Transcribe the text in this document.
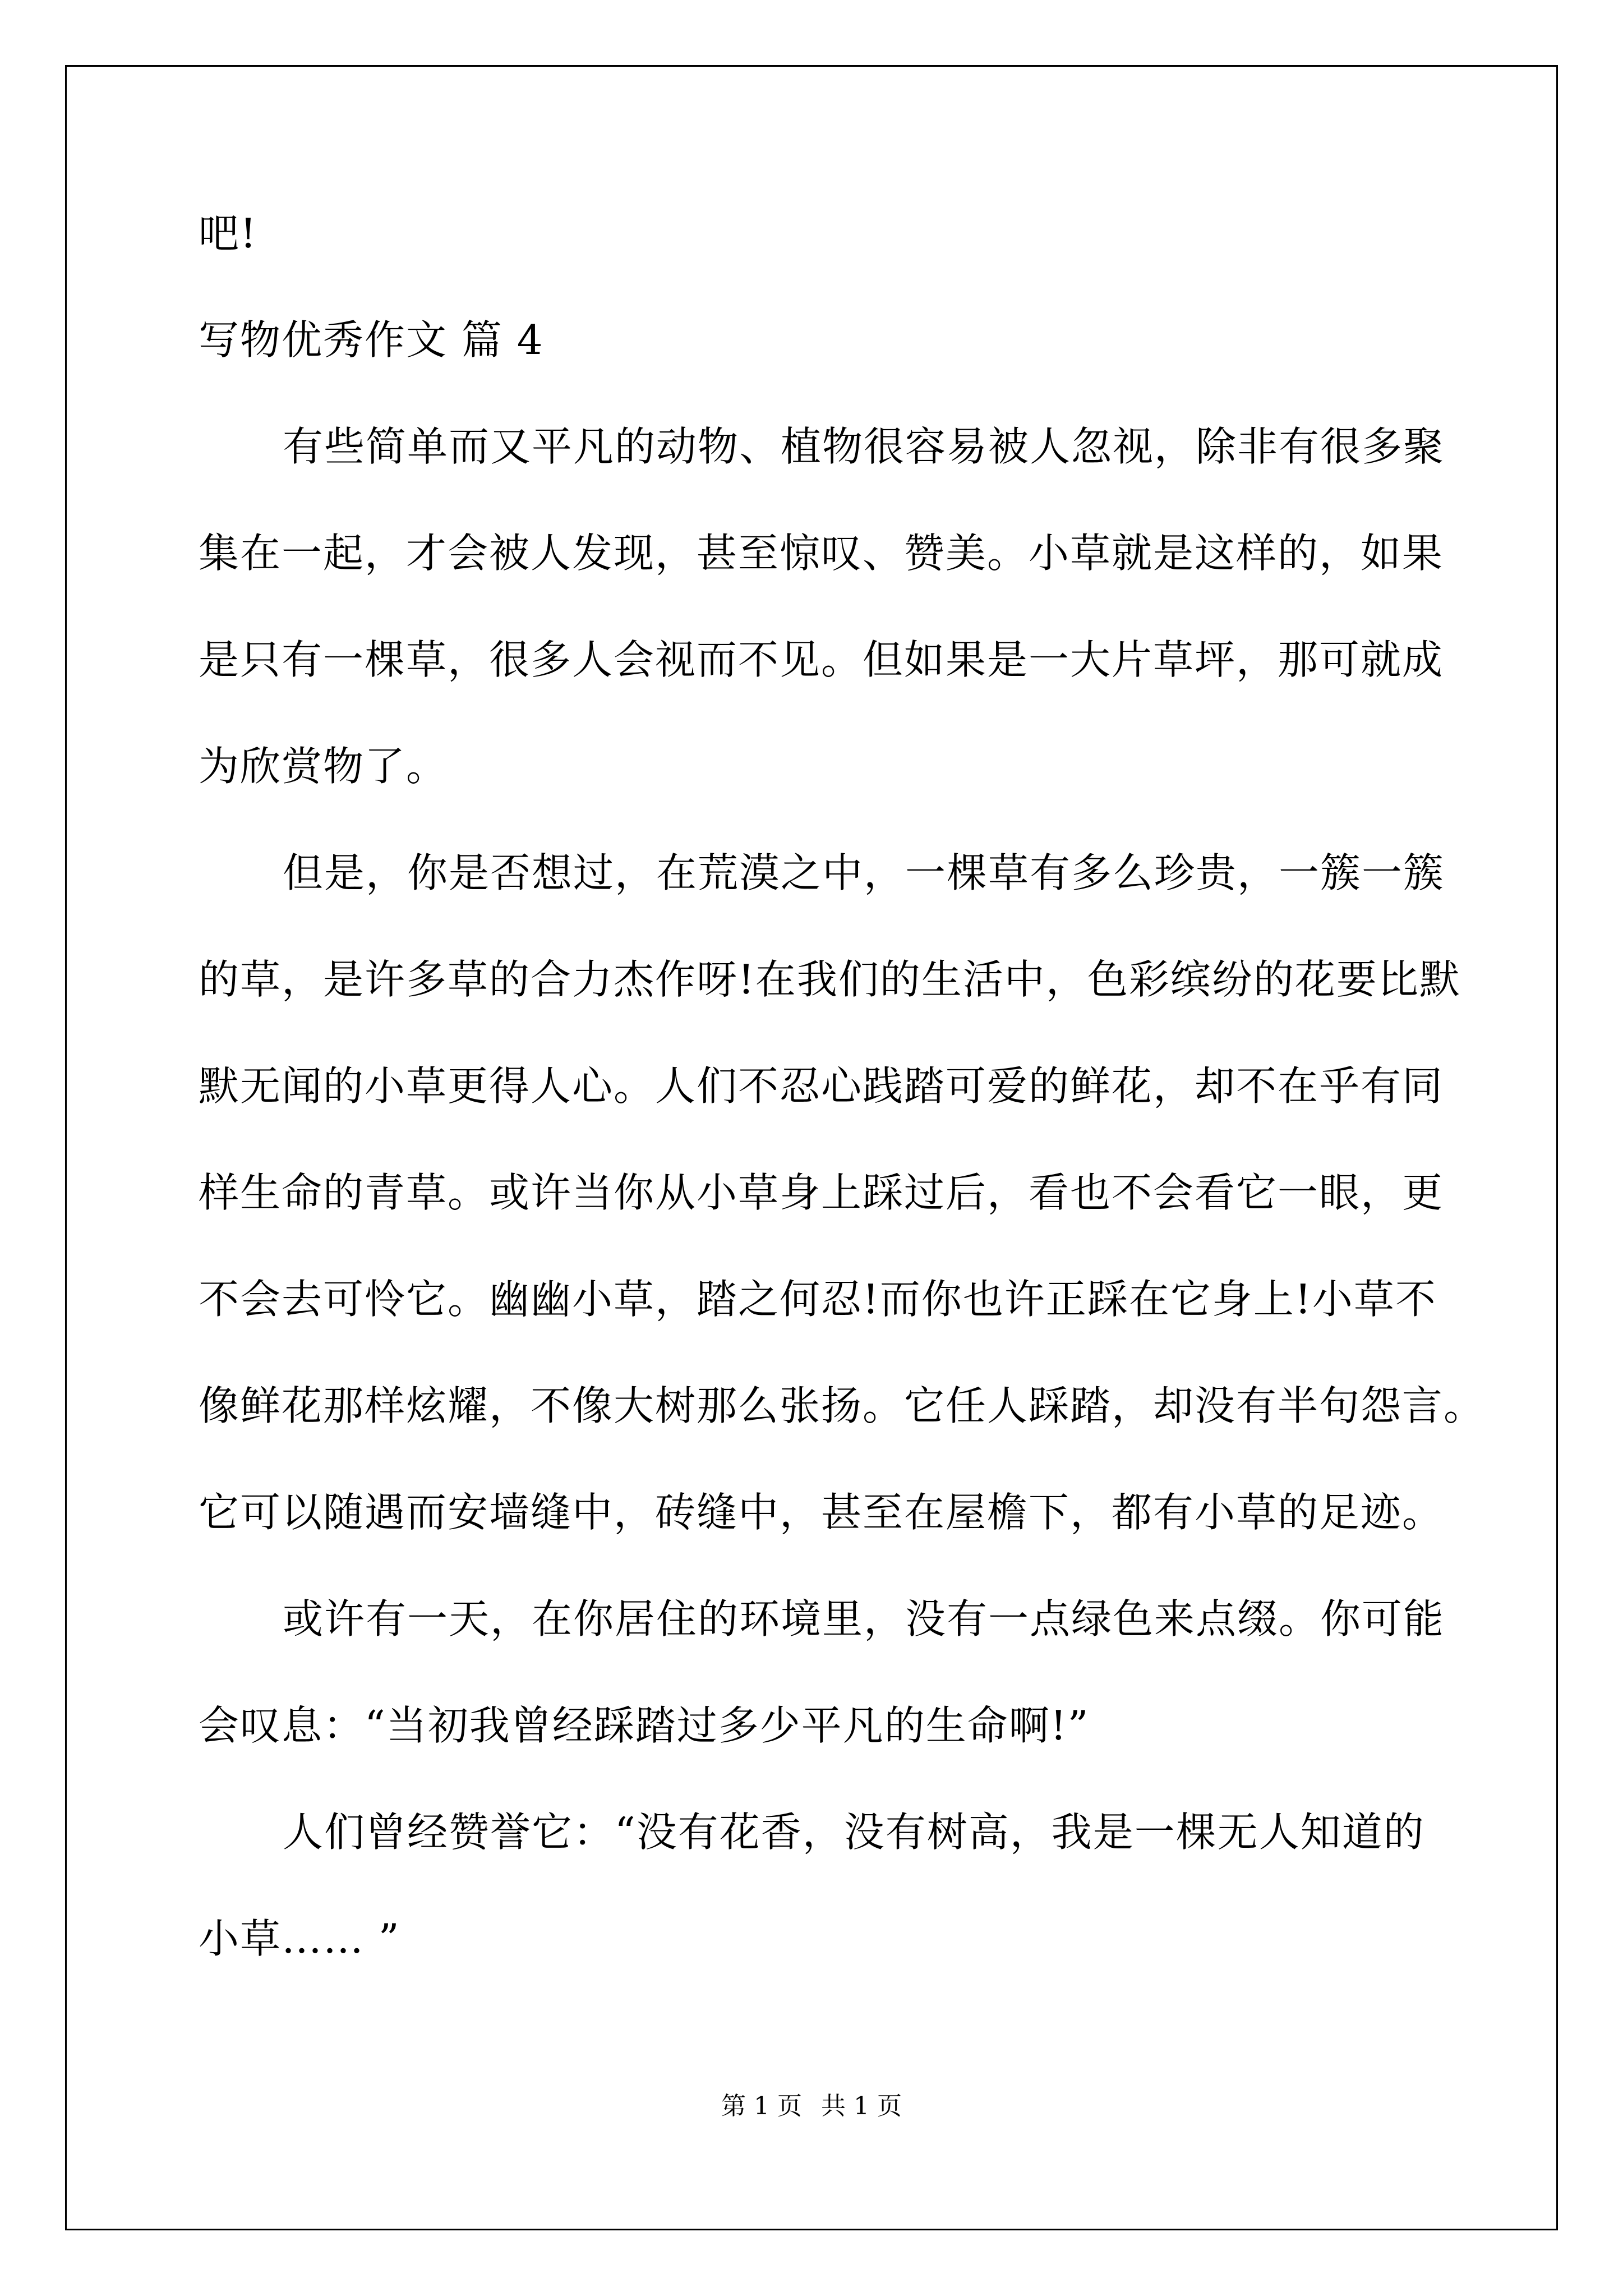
吧!
写物优秀作文 篇 4
有些简单而又平凡的动物、植物很容易被人忽视，除非有很多聚
集在一起，才会被人发现，甚至惊叹、赞美。小草就是这样的，如果
是只有一棵草，很多人会视而不见。但如果是一大片草坪，那可就成
为欣赏物了。
但是，你是否想过，在荒漠之中，一棵草有多么珍贵，一簇一簇
的草，是许多草的合力杰作呀!在我们的生活中，色彩缤纷的花要比默
默无闻的小草更得人心。人们不忍心践踏可爱的鲜花，却不在乎有同
样生命的青草。或许当你从小草身上踩过后，看也不会看它一眼，更
不会去可怜它。幽幽小草，踏之何忍!而你也许正踩在它身上!小草不
像鲜花那样炫耀，不像大树那么张扬。它任人踩踏，却没有半句怨言。
它可以随遇而安墙缝中，砖缝中，甚至在屋檐下，都有小草的足迹。
或许有一天，在你居住的环境里，没有一点绿色来点缀。你可能
会叹息：“当初我曾经踩踏过多少平凡的生命啊!”
人们曾经赞誉它：“没有花香，没有树高，我是一棵无人知道的
小草…… ”
第 1 页 共 1 页
